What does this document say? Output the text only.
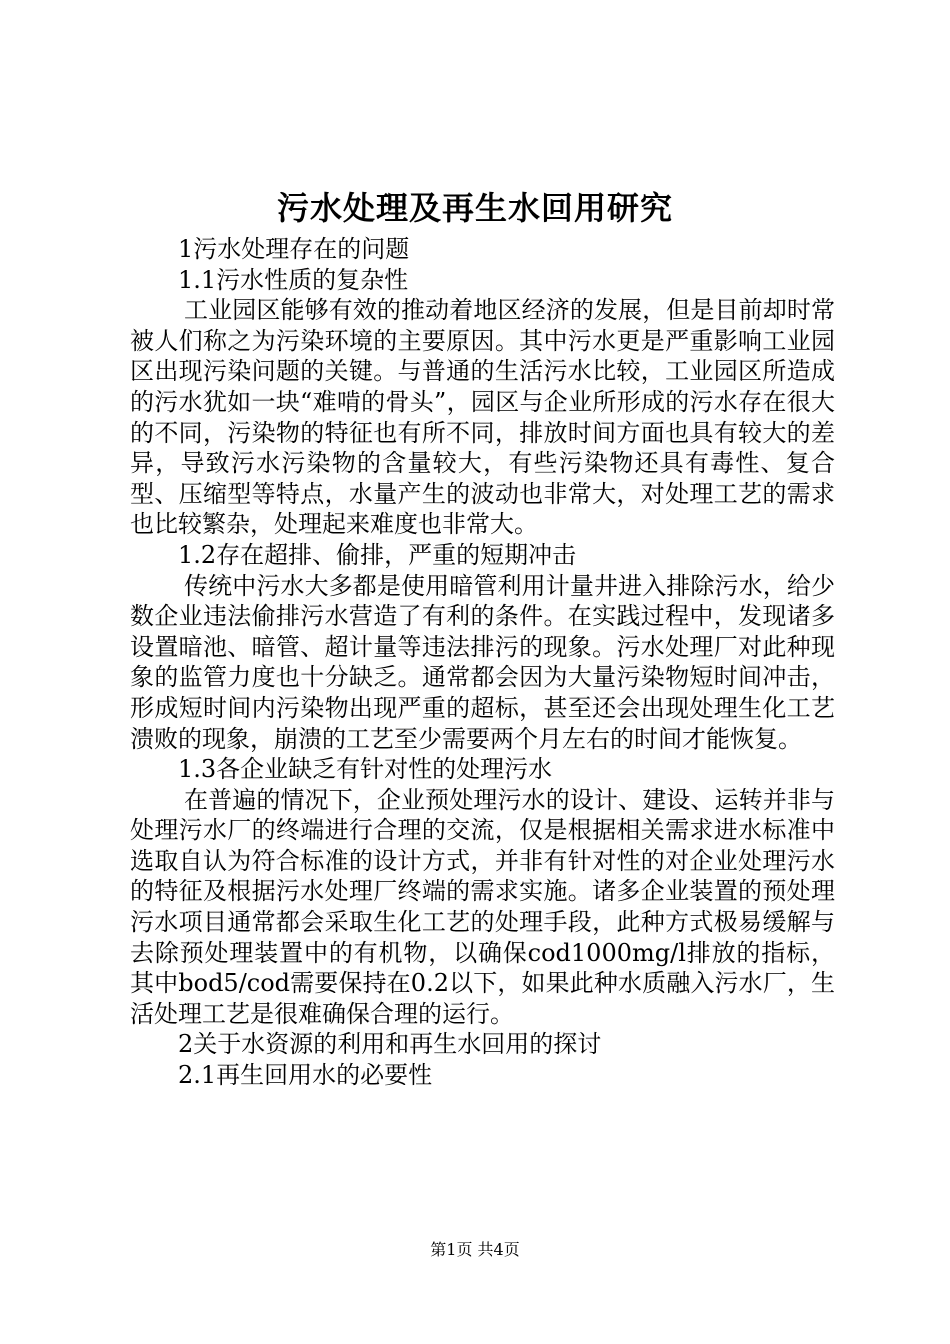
污水处理及再生水回用研究

1污水处理存在的问题

1.1污水性质的复杂性

工业园区能够有效的推动着地区经济的发展，但是目前却时常被人们称之为污染环境的主要原因。其中污水更是严重影响工业园区出现污染问题的关键。与普通的生活污水比较，工业园区所造成的污水犹如一块“难啃的骨头”，园区与企业所形成的污水存在很大的不同，污染物的特征也有所不同，排放时间方面也具有较大的差异，导致污水污染物的含量较大，有些污染物还具有毒性、复合型、压缩型等特点，水量产生的波动也非常大，对处理工艺的需求也比较繁杂，处理起来难度也非常大。

1.2存在超排、偷排，严重的短期冲击

传统中污水大多都是使用暗管利用计量井进入排除污水，给少数企业违法偷排污水营造了有利的条件。在实践过程中，发现诸多设置暗池、暗管、超计量等违法排污的现象。污水处理厂对此种现象的监管力度也十分缺乏。通常都会因为大量污染物短时间冲击，形成短时间内污染物出现严重的超标，甚至还会出现处理生化工艺溃败的现象，崩溃的工艺至少需要两个月左右的时间才能恢复。

1.3各企业缺乏有针对性的处理污水

在普遍的情况下，企业预处理污水的设计、建设、运转并非与处理污水厂的终端进行合理的交流，仅是根据相关需求进水标准中选取自认为符合标准的设计方式，并非有针对性的对企业处理污水的特征及根据污水处理厂终端的需求实施。诸多企业装置的预处理污水项目通常都会采取生化工艺的处理手段，此种方式极易缓解与去除预处理装置中的有机物，以确保cod1000mg/l排放的指标，其中bod5/cod需要保持在0.2以下，如果此种水质融入污水厂，生活处理工艺是很难确保合理的运行。

2关于水资源的利用和再生水回用的探讨

2.1再生回用水的必要性

第1页 共4页
